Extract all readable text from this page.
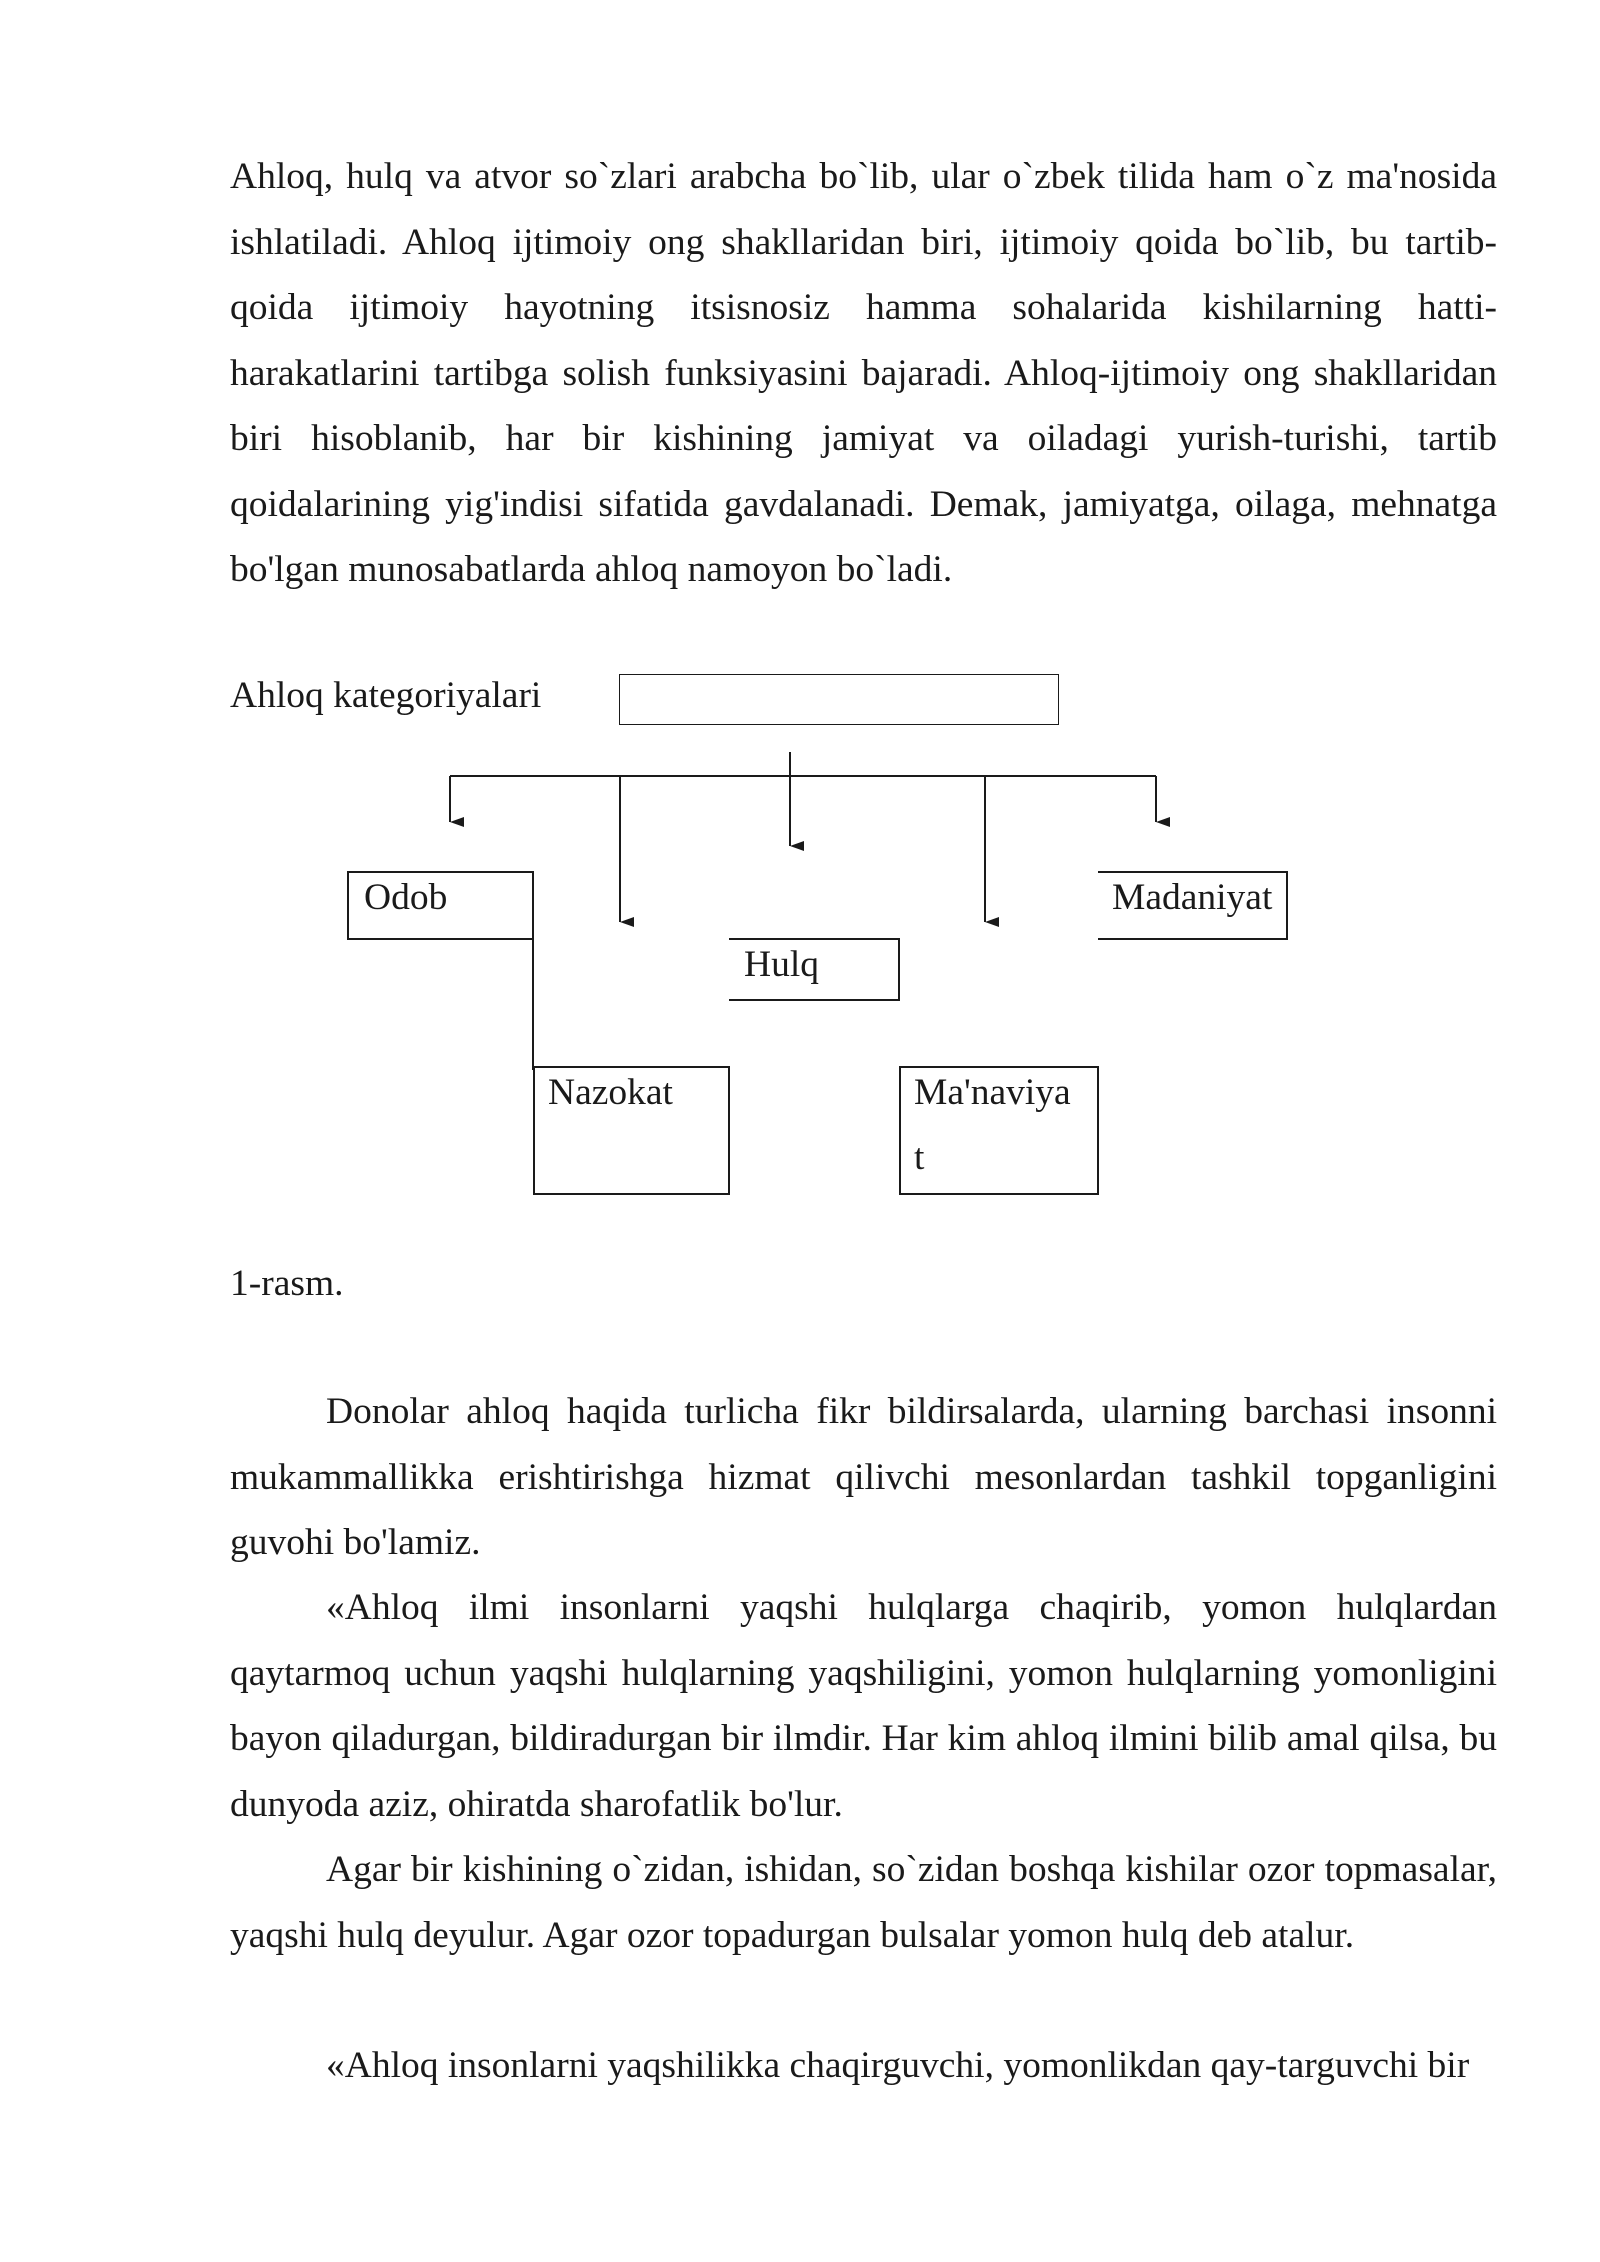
Ahloq, hulq va atvor so`zlari arabcha bo`lib, ular o`zbek tilida ham o`z ma'nosida ishlatiladi. Ahloq ijtimoiy ong shakllaridan biri, ijtimoiy qoida bo`lib, bu tartib-qoida ijtimoiy hayotning itsisnosiz hamma sohalarida kishilarning hatti-harakatlarini tartibga solish funksiyasini bajaradi. Ahloq-ijtimoiy ong shakllaridan biri hisoblanib, har bir kishining jamiyat va oiladagi yurish-turishi, tartib qoidalarining yig'indisi sifatida gavdalanadi. Demak, jamiyatga, oilaga, mehnatga bo'lgan munosabatlarda ahloq namoyon bo`ladi.

Ahloq kategoriyalari
Odob	Madaniyat
Hulq
Nazokat	Ma'naviya
t
1-rasm.

Donolar ahloq haqida turlicha fikr bildirsalarda, ularning barchasi insonni mukammallikka erishtirishga hizmat qilivchi mesonlardan tashkil topganligini guvohi bo'lamiz.

«Ahloq ilmi insonlarni yaqshi hulqlarga chaqirib, yomon hulqlardan qaytarmoq uchun yaqshi hulqlarning yaqshiligini, yomon hulqlarning yomonligini bayon qiladurgan, bildiradurgan bir ilmdir. Har kim ahloq ilmini bilib amal qilsa, bu dunyoda aziz, ohiratda sharofatlik bo'lur.

Agar bir kishining o`zidan, ishidan, so`zidan boshqa kishilar ozor topmasalar, yaqshi hulq deyulur. Agar ozor topadurgan bulsalar yomon hulq deb atalur.

«Ahloq insonlarni yaqshilikka chaqirguvchi, yomonlikdan qay-targuvchi bir
